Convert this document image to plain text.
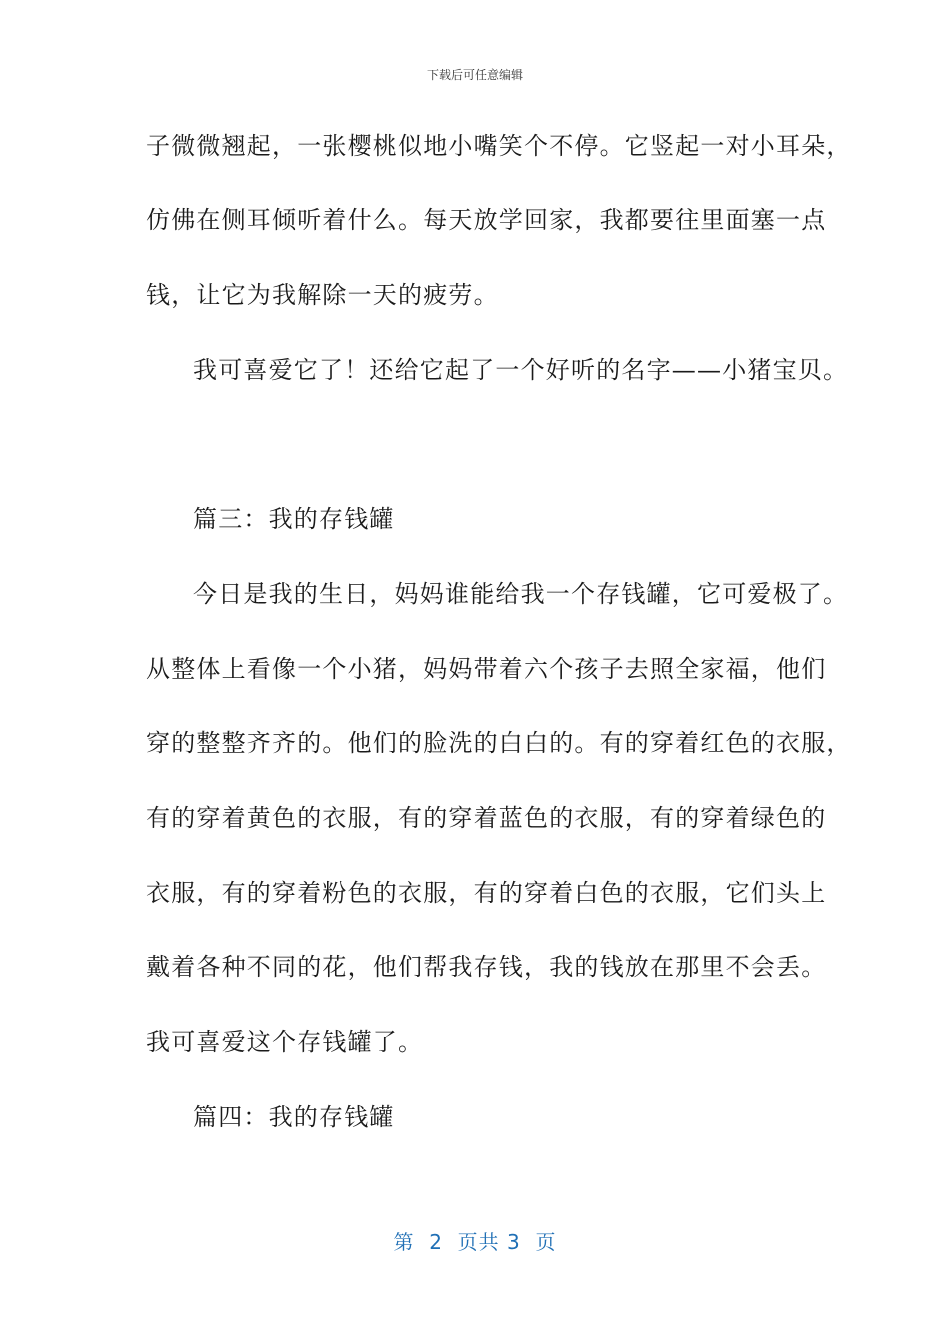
下载后可任意编辑
子微微翘起，一张樱桃似地小嘴笑个不停。它竖起一对小耳朵，
仿佛在侧耳倾听着什么。每天放学回家，我都要往里面塞一点
钱，让它为我解除一天的疲劳。
我可喜爱它了！还给它起了一个好听的名字——小猪宝贝。
篇三：我的存钱罐
今日是我的生日，妈妈谁能给我一个存钱罐，它可爱极了。
从整体上看像一个小猪，妈妈带着六个孩子去照全家福，他们
穿的整整齐齐的。他们的脸洗的白白的。有的穿着红色的衣服，
有的穿着黄色的衣服，有的穿着蓝色的衣服，有的穿着绿色的
衣服，有的穿着粉色的衣服，有的穿着白色的衣服，它们头上
戴着各种不同的花，他们帮我存钱，我的钱放在那里不会丢。
我可喜爱这个存钱罐了。
篇四：我的存钱罐
第  2  页共 3  页
